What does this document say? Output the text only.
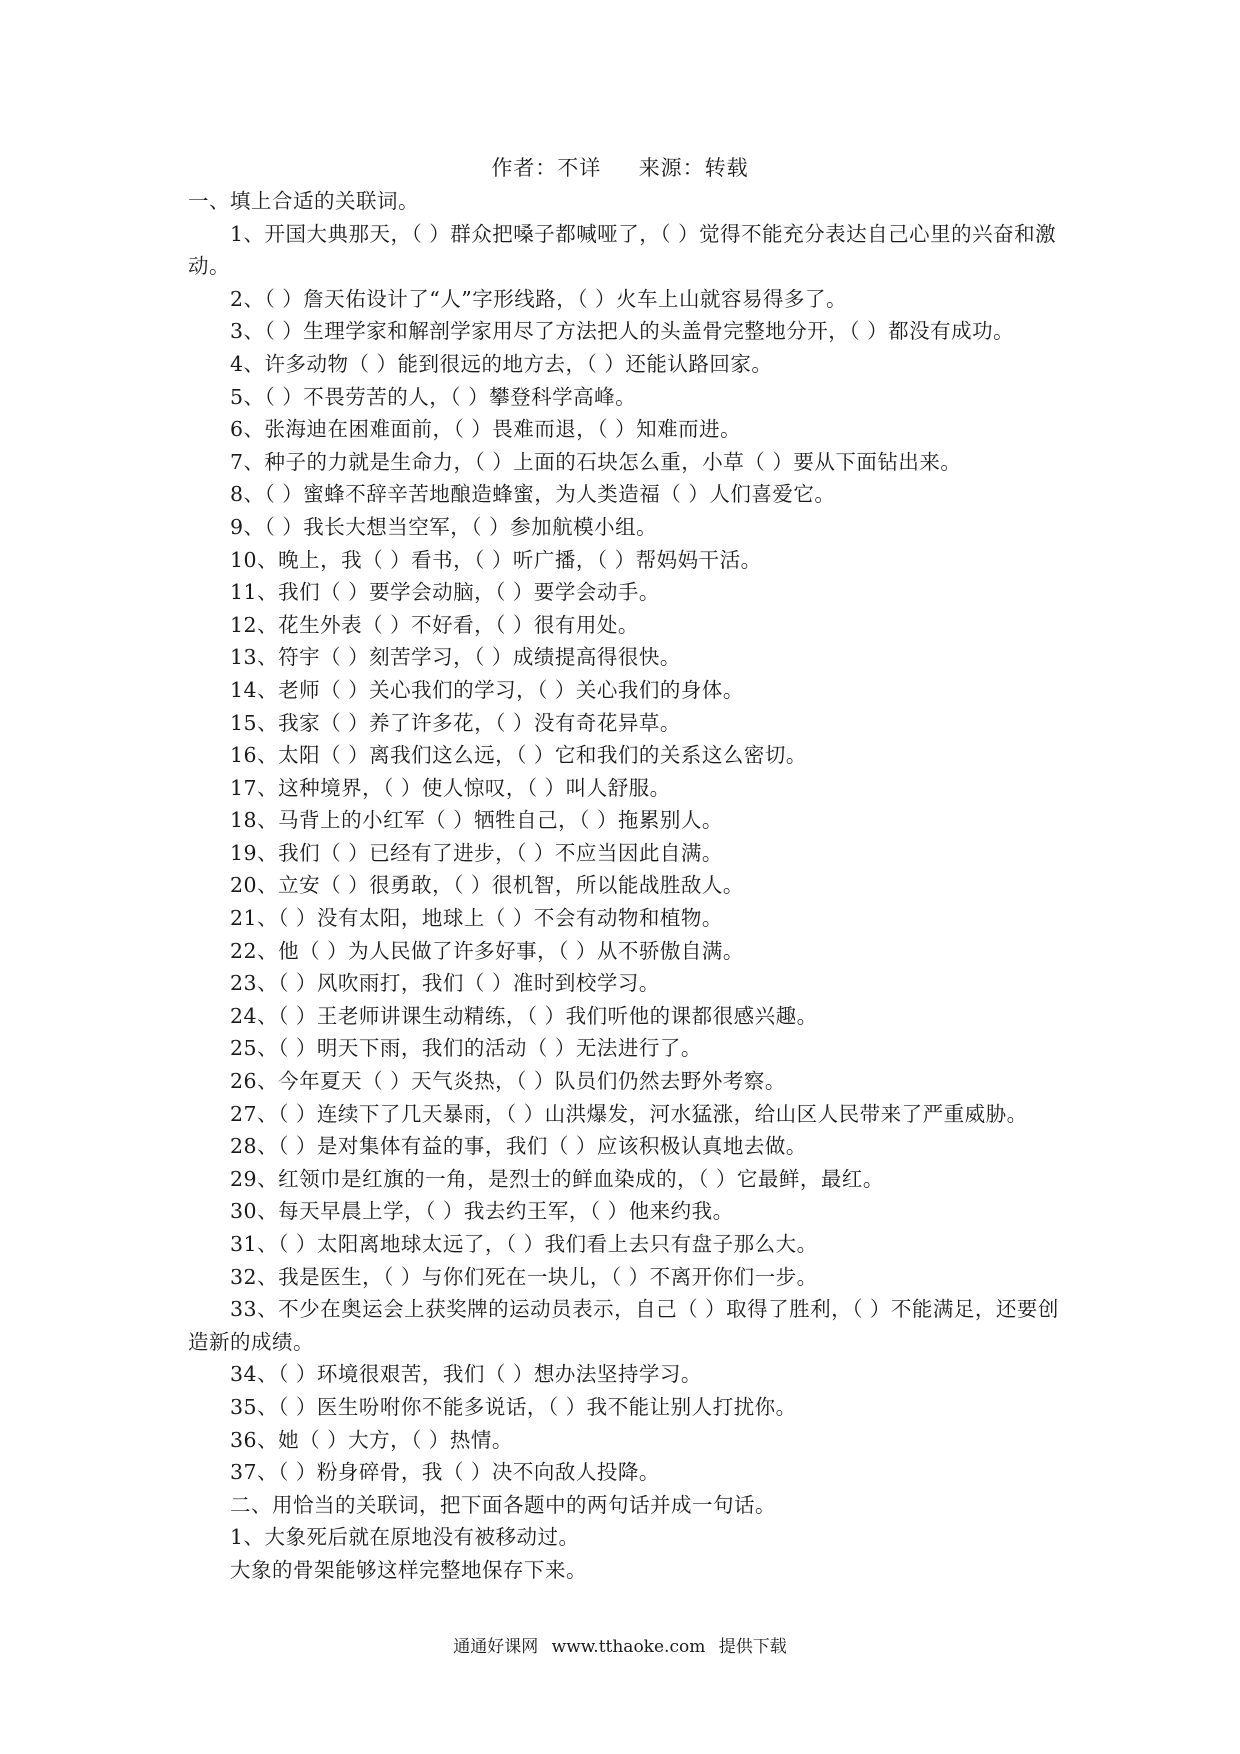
作者：不详 来源：转载

一、填上合适的关联词。

1、开国大典那天，（ ）群众把嗓子都喊哑了，（ ）觉得不能充分表达自己心里的兴奋和激动。

2、（ ）詹天佑设计了“人”字形线路，（ ）火车上山就容易得多了。

3、（ ）生理学家和解剖学家用尽了方法把人的头盖骨完整地分开，（ ）都没有成功。

4、许多动物（ ）能到很远的地方去，（ ）还能认路回家。

5、（ ）不畏劳苦的人，（ ）攀登科学高峰。

6、张海迪在困难面前，（ ）畏难而退，（ ）知难而进。

7、种子的力就是生命力，（ ）上面的石块怎么重，小草（ ）要从下面钻出来。

8、（ ）蜜蜂不辞辛苦地酿造蜂蜜，为人类造福（ ）人们喜爱它。

9、（ ）我长大想当空军，（ ）参加航模小组。

10、晚上，我（ ）看书，（ ）听广播，（ ）帮妈妈干活。

11、我们（ ）要学会动脑，（ ）要学会动手。

12、花生外表（ ）不好看，（ ）很有用处。

13、符宇（ ）刻苦学习，（ ）成绩提高得很快。

14、老师（ ）关心我们的学习，（ ）关心我们的身体。

15、我家（ ）养了许多花，（ ）没有奇花异草。

16、太阳（ ）离我们这么远，（ ）它和我们的关系这么密切。

17、这种境界，（ ）使人惊叹，（ ）叫人舒服。

18、马背上的小红军（ ）牺牲自己，（ ）拖累别人。

19、我们（ ）已经有了进步，（ ）不应当因此自满。

20、立安（ ）很勇敢，（ ）很机智，所以能战胜敌人。

21、（ ）没有太阳，地球上（ ）不会有动物和植物。

22、他（ ）为人民做了许多好事，（ ）从不骄傲自满。

23、（ ）风吹雨打，我们（ ）准时到校学习。

24、（ ）王老师讲课生动精练，（ ）我们听他的课都很感兴趣。

25、（ ）明天下雨，我们的活动（ ）无法进行了。

26、今年夏天（ ）天气炎热，（ ）队员们仍然去野外考察。

27、（ ）连续下了几天暴雨，（ ）山洪爆发，河水猛涨，给山区人民带来了严重威胁。

28、（ ）是对集体有益的事，我们（ ）应该积极认真地去做。

29、红领巾是红旗的一角，是烈士的鲜血染成的，（ ）它最鲜，最红。

30、每天早晨上学，（ ）我去约王军，（ ）他来约我。

31、（ ）太阳离地球太远了，（ ）我们看上去只有盘子那么大。

32、我是医生，（ ）与你们死在一块儿，（ ）不离开你们一步。

33、不少在奥运会上获奖牌的运动员表示，自己（ ）取得了胜利，（ ）不能满足，还要创造新的成绩。

34、（ ）环境很艰苦，我们（ ）想办法坚持学习。

35、（ ）医生吩咐你不能多说话，（ ）我不能让别人打扰你。

36、她（ ）大方，（ ）热情。

37、（ ）粉身碎骨，我（ ）决不向敌人投降。

二、用恰当的关联词，把下面各题中的两句话并成一句话。

1、大象死后就在原地没有被移动过。

大象的骨架能够这样完整地保存下来。

通通好课网 www.tthaoke.com 提供下载
